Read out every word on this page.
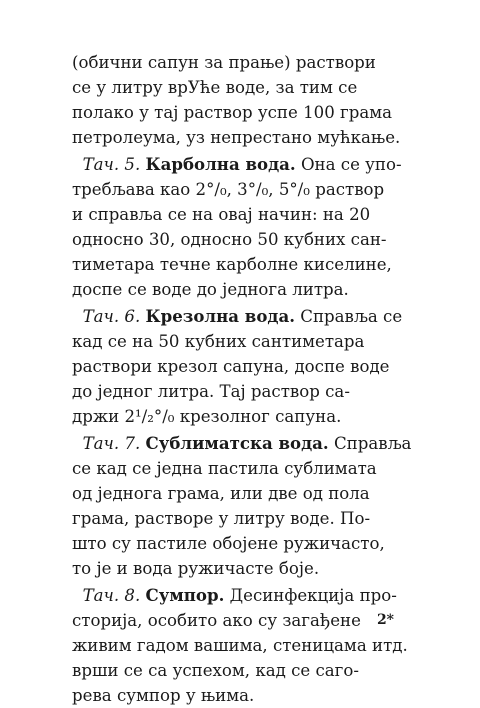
(обични сапун за прање) раствори
се у литру врУће воде, за тим се
полако у тај раствор успе 100 грама
петролеума, уз непрестано мућкање.
Тач. 5. Карболна вода. Она се упо-
требљава као 2°/₀, 3°/₀, 5°/₀ раствор
и справља се на овај начин: на 20
односно 30, односно 50 кубних сан-
тиметара течне карболне киселине,
доспе се воде до једнога литра.
Тач. 6. Крезолна вода. Справља се
кад се на 50 кубних сантиметара
раствори крезол сапуна, доспе воде
до једног литра. Тај раствор са-
држи 2¹/₂°/₀ крезолног сапуна.
Тач. 7. Сублиматска вода. Справља
се кад се једна пастила сублимата
од једнога грама, или две од пола
грама, растворе у литру воде. По-
што су пастиле обојене ружичасто,
то је и вода ружичасте боје.
Тач. 8. Сумпор. Десинфекција про-
сторија, особито ако су загађене
живим гадом вашима, стеницама итд.
врши се са успехом, кад се саго-
рева сумпор у њима.
2*
